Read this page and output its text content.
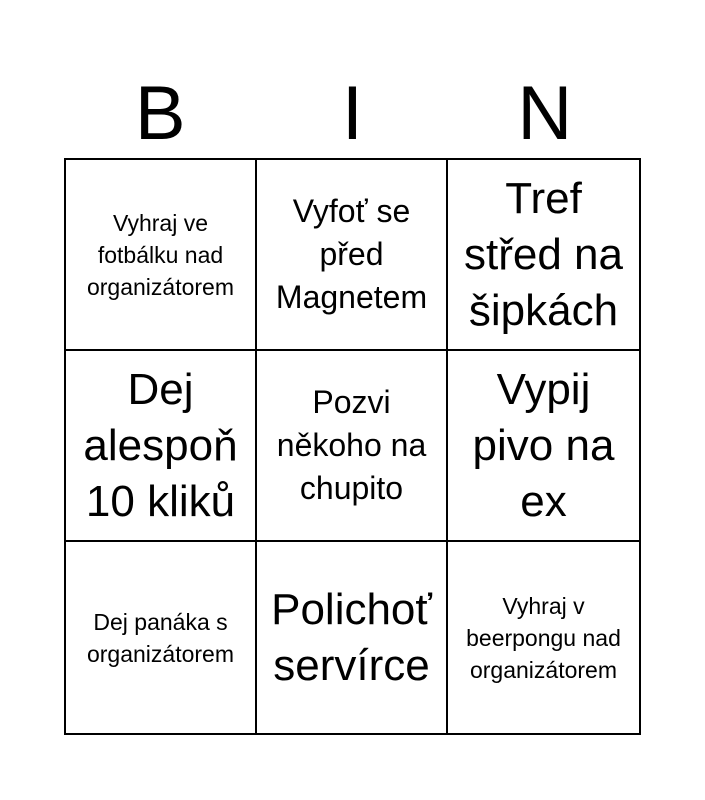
B	I	N
Vyhraj ve fotbálku nad organizátorem
Vyfoť se před Magnetem
Tref střed na šipkách
Dej alespoň 10 kliků
Pozvi někoho na chupito
Vypij pivo na ex
Dej panáka s organizátorem
Polichoť servírce
Vyhraj v beerpongu nad organizátorem
